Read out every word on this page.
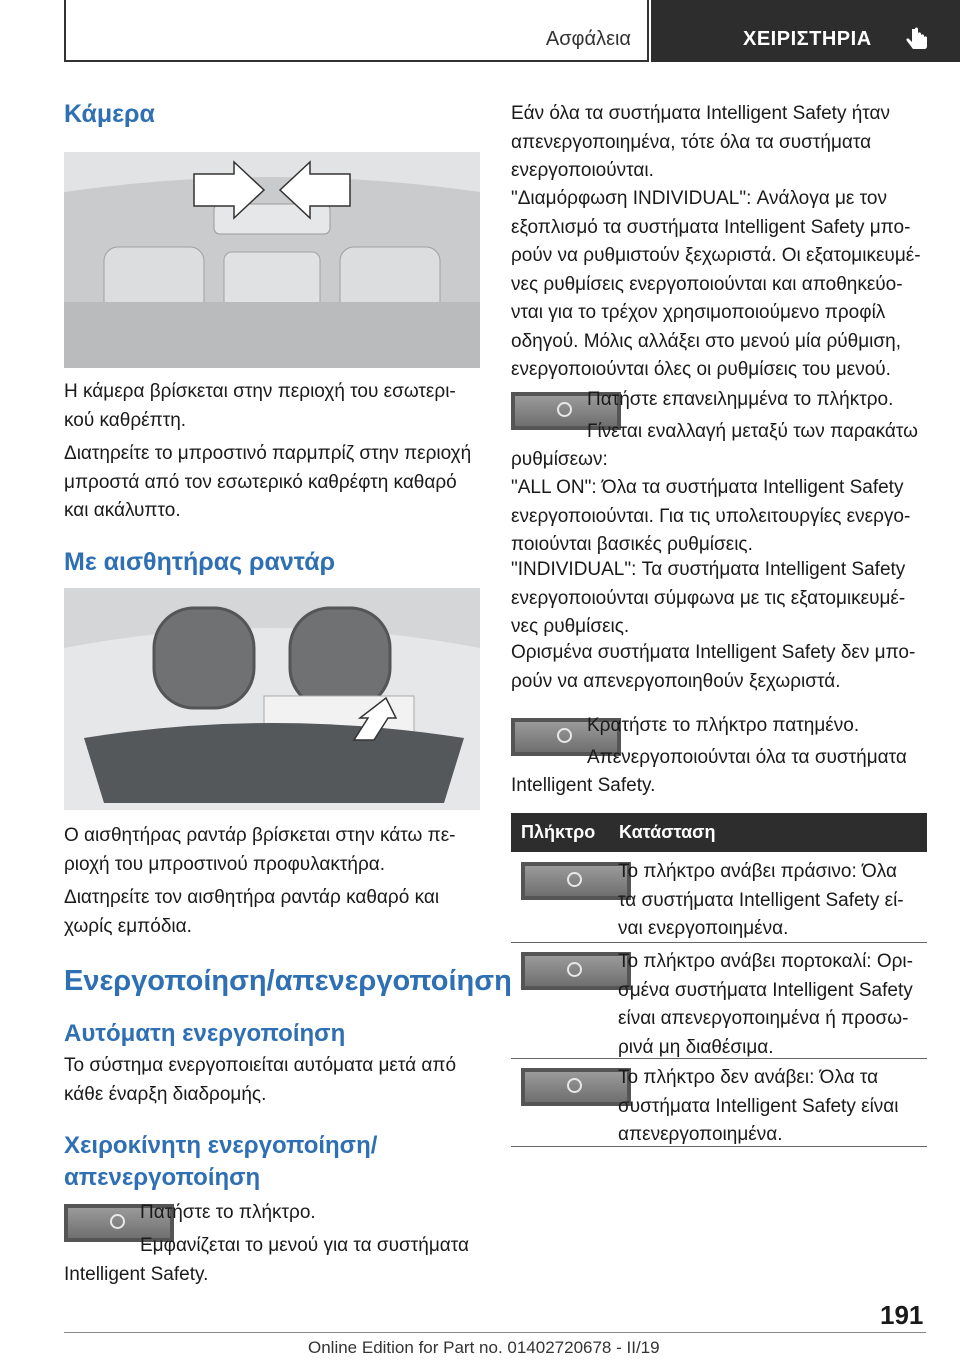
Ασφάλεια	ΧΕΙΡΙΣΤΗΡΙΑ
Κάμερα
Η κάμερα βρίσκεται στην περιοχή του εσωτερι-
κού καθρέπτη.
Διατηρείτε το μπροστινό παρμπρίζ στην περιοχή
μπροστά από τον εσωτερικό καθρέφτη καθαρό
και ακάλυπτο.
Με αισθητήρας ραντάρ
Ο αισθητήρας ραντάρ βρίσκεται στην κάτω πε-
ριοχή του μπροστινού προφυλακτήρα.
Διατηρείτε τον αισθητήρα ραντάρ καθαρό και
χωρίς εμπόδια.
Ενεργοποίηση/απενεργοποίηση
Αυτόματη ενεργοποίηση
Το σύστημα ενεργοποιείται αυτόματα μετά από
κάθε έναρξη διαδρομής.
Χειροκίνητη ενεργοποίηση/
απενεργοποίηση
Πατήστε το πλήκτρο.
Εμφανίζεται το μενού για τα συστήματα
Intelligent Safety.
Εάν όλα τα συστήματα Intelligent Safety ήταν
απενεργοποιημένα, τότε όλα τα συστήματα
ενεργοποιούνται.
"Διαμόρφωση INDIVIDUAL": Ανάλογα με τον
εξοπλισμό τα συστήματα Intelligent Safety μπο-
ρούν να ρυθμιστούν ξεχωριστά. Οι εξατομικευμέ-
νες ρυθμίσεις ενεργοποιούνται και αποθηκεύο-
νται για το τρέχον χρησιμοποιούμενο προφίλ
οδηγού. Μόλις αλλάξει στο μενού μία ρύθμιση,
ενεργοποιούνται όλες οι ρυθμίσεις του μενού.
Πατήστε επανειλημμένα το πλήκτρο.
Γίνεται εναλλαγή μεταξύ των παρακάτω
ρυθμίσεων:
"ALL ON": Όλα τα συστήματα Intelligent Safety
ενεργοποιούνται. Για τις υπολειτουργίες ενεργο-
ποιούνται βασικές ρυθμίσεις.
"INDIVIDUAL": Τα συστήματα Intelligent Safety
ενεργοποιούνται σύμφωνα με τις εξατομικευμέ-
νες ρυθμίσεις.
Ορισμένα συστήματα Intelligent Safety δεν μπο-
ρούν να απενεργοποιηθούν ξεχωριστά.
Κρατήστε το πλήκτρο πατημένο.
Απενεργοποιούνται όλα τα συστήματα
Intelligent Safety.
Πλήκτρο Κατάσταση
Το πλήκτρο ανάβει πράσινο: Όλα
τα συστήματα Intelligent Safety εί-
ναι ενεργοποιημένα.
Το πλήκτρο ανάβει πορτοκαλί: Ορι-
σμένα συστήματα Intelligent Safety
είναι απενεργοποιημένα ή προσω-
ρινά μη διαθέσιμα.
Το πλήκτρο δεν ανάβει: Όλα τα
συστήματα Intelligent Safety είναι
απενεργοποιημένα.
191
Online Edition for Part no. 01402720678 - II/19
